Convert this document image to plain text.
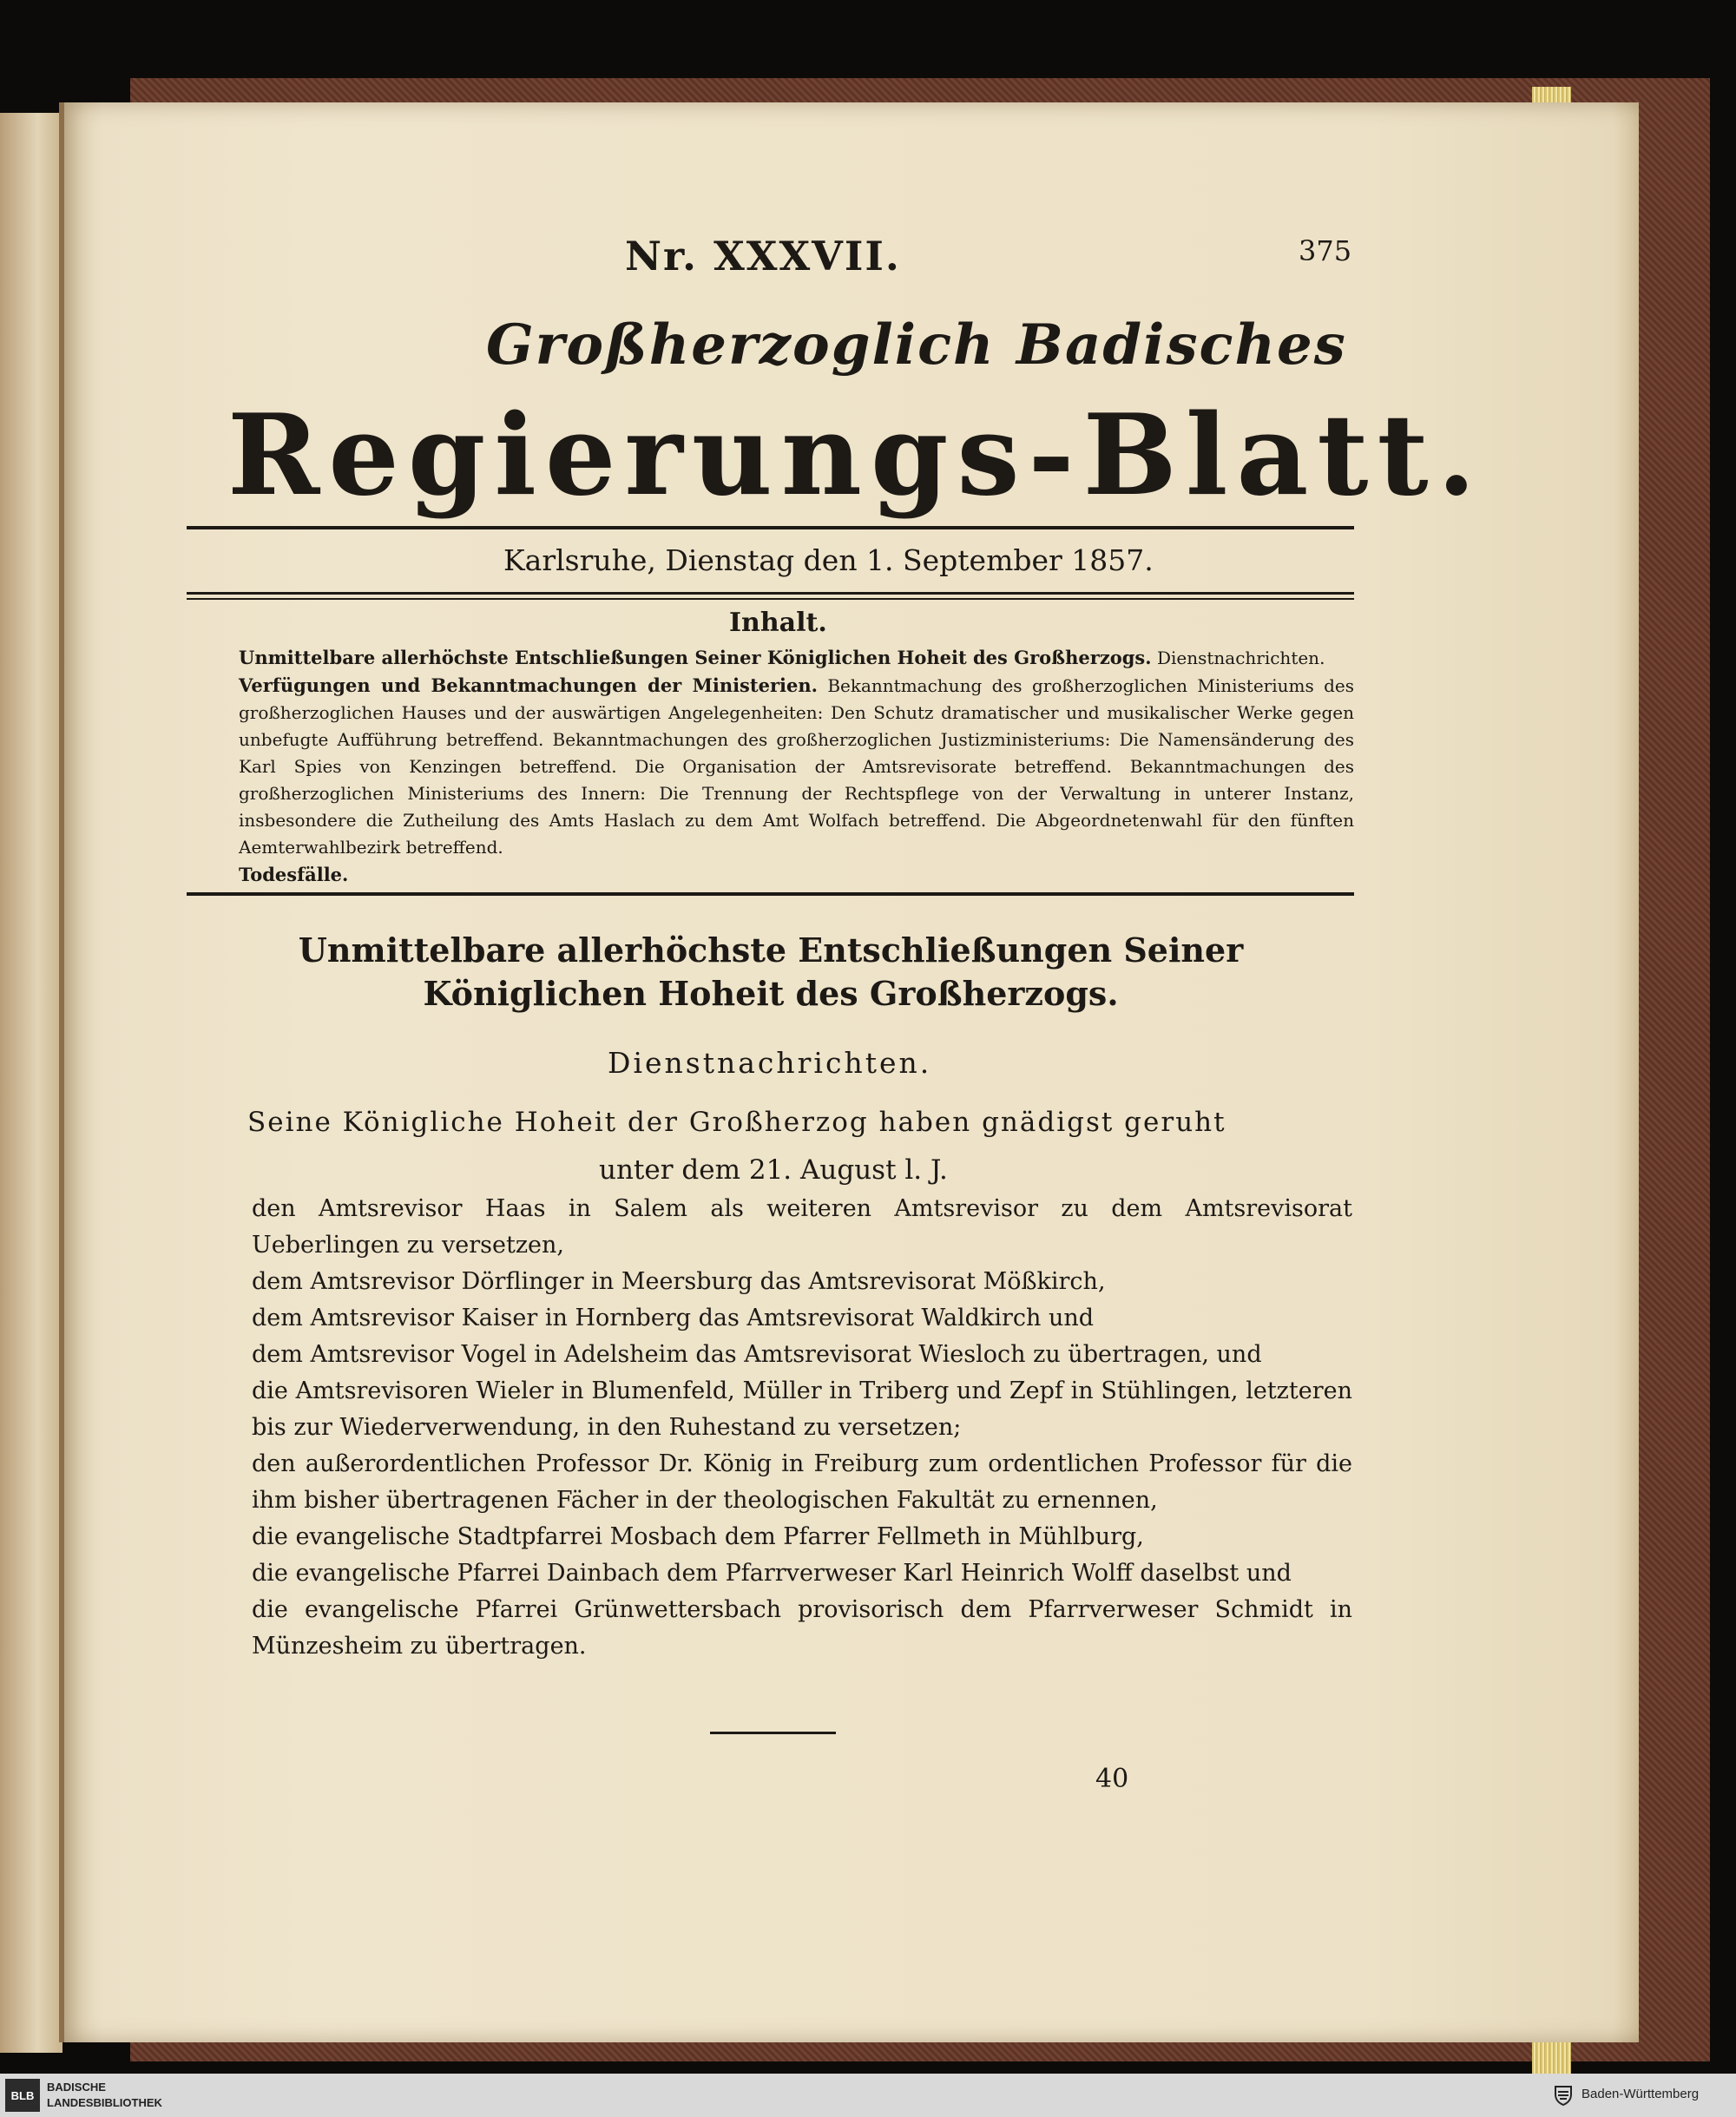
Nr. XXXVII.	375
Großherzoglich Badisches
Regierungs-Blatt.
Karlsruhe, Dienstag den 1. September 1857.
Inhalt.
Unmittelbare allerhöchste Entschließungen Seiner Königlichen Hoheit des Großherzogs. Dienstnachrichten.
Verfügungen und Bekanntmachungen der Ministerien. Bekanntmachung des großherzoglichen Ministeriums des großherzoglichen Hauses und der auswärtigen Angelegenheiten: Den Schutz dramatischer und musikalischer Werke gegen unbefugte Aufführung betreffend. Bekanntmachungen des großherzoglichen Justizministeriums: Die Namensänderung des Karl Spies von Kenzingen betreffend. Die Organisation der Amtsrevisorate betreffend. Bekanntmachungen des großherzoglichen Ministeriums des Innern: Die Trennung der Rechtspflege von der Verwaltung in unterer Instanz, insbesondere die Zutheilung des Amts Haslach zu dem Amt Wolfach betreffend. Die Abgeordnetenwahl für den fünften Aemterwahlbezirk betreffend.
Todesfälle.
Unmittelbare allerhöchste Entschließungen Seiner Königlichen Hoheit des Großherzogs.
Dienstnachrichten.
Seine Königliche Hoheit der Großherzog haben gnädigst geruht
unter dem 21. August l. J.

den Amtsrevisor Haas in Salem als weiteren Amtsrevisor zu dem Amtsrevisorat Ueberlingen zu versetzen,

dem Amtsrevisor Dörflinger in Meersburg das Amtsrevisorat Mößkirch,

dem Amtsrevisor Kaiser in Hornberg das Amtsrevisorat Waldkirch und

dem Amtsrevisor Vogel in Adelsheim das Amtsrevisorat Wiesloch zu übertragen, und

die Amtsrevisoren Wieler in Blumenfeld, Müller in Triberg und Zepf in Stühlingen, letzteren bis zur Wiederverwendung, in den Ruhestand zu versetzen;

den außerordentlichen Professor Dr. König in Freiburg zum ordentlichen Professor für die ihm bisher übertragenen Fächer in der theologischen Fakultät zu ernennen,

die evangelische Stadtpfarrei Mosbach dem Pfarrer Fellmeth in Mühlburg,

die evangelische Pfarrei Dainbach dem Pfarrverweser Karl Heinrich Wolff daselbst und

die evangelische Pfarrei Grünwettersbach provisorisch dem Pfarrverweser Schmidt in Münzesheim zu übertragen.

40
BLB
BADISCHE
LANDESBIBLIOTHEK
Baden-Württemberg
